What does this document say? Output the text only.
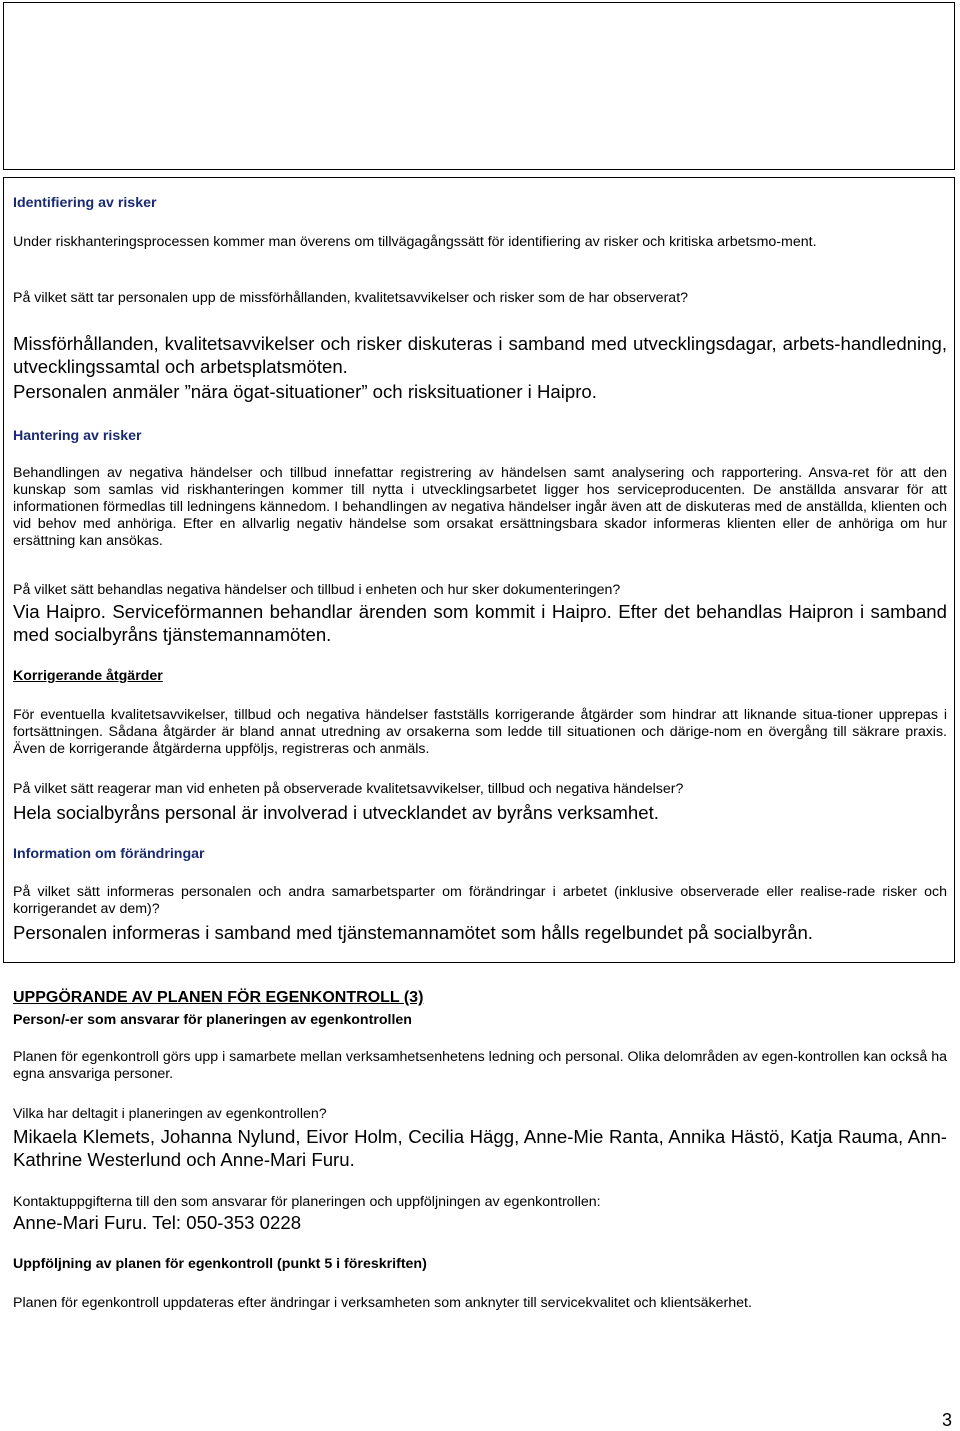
Identifiering av risker

Under riskhanteringsprocessen kommer man överens om tillvägagångssätt för identifiering av risker och kritiska arbetsmo-ment.

På vilket sätt tar personalen upp de missförhållanden, kvalitetsavvikelser och risker som de har observerat?

Missförhållanden, kvalitetsavvikelser och risker diskuteras i samband med utvecklingsdagar, arbets-handledning, utvecklingssamtal och arbetsplatsmöten.

Personalen anmäler ”nära ögat-situationer” och risksituationer i Haipro.

Hantering av risker

Behandlingen av negativa händelser och tillbud innefattar registrering av händelsen samt analysering och rapportering. Ansva-ret för att den kunskap som samlas vid riskhanteringen kommer till nytta i utvecklingsarbetet ligger hos serviceproducenten. De anställda ansvarar för att informationen förmedlas till ledningens kännedom. I behandlingen av negativa händelser ingår även att de diskuteras med de anställda, klienten och vid behov med anhöriga. Efter en allvarlig negativ händelse som orsakat ersättningsbara skador informeras klienten eller de anhöriga om hur ersättning kan ansökas.

På vilket sätt behandlas negativa händelser och tillbud i enheten och hur sker dokumenteringen?

Via Haipro. Serviceförmannen behandlar ärenden som kommit i Haipro. Efter det behandlas Haipron i samband med socialbyråns tjänstemannamöten.

Korrigerande åtgärder

För eventuella kvalitetsavvikelser, tillbud och negativa händelser fastställs korrigerande åtgärder som hindrar att liknande situa-tioner upprepas i fortsättningen. Sådana åtgärder är bland annat utredning av orsakerna som ledde till situationen och därige-nom en övergång till säkrare praxis. Även de korrigerande åtgärderna uppföljs, registreras och anmäls.

På vilket sätt reagerar man vid enheten på observerade kvalitetsavvikelser, tillbud och negativa händelser?

Hela socialbyråns personal är involverad i utvecklandet av byråns verksamhet.

Information om förändringar

På vilket sätt informeras personalen och andra samarbetsparter om förändringar i arbetet (inklusive observerade eller realise-rade risker och korrigerandet av dem)?

Personalen informeras i samband med tjänstemannamötet som hålls regelbundet på socialbyrån.

UPPGÖRANDE AV PLANEN FÖR EGENKONTROLL (3)

Person/-er som ansvarar för planeringen av egenkontrollen

Planen för egenkontroll görs upp i samarbete mellan verksamhetsenhetens ledning och personal. Olika delområden av egen-kontrollen kan också ha egna ansvariga personer.

Vilka har deltagit i planeringen av egenkontrollen?

Mikaela Klemets, Johanna Nylund, Eivor Holm, Cecilia Hägg, Anne-Mie Ranta, Annika Hästö, Katja Rauma, Ann-Kathrine Westerlund och Anne-Mari Furu.

Kontaktuppgifterna till den som ansvarar för planeringen och uppföljningen av egenkontrollen:

Anne-Mari Furu. Tel: 050-353 0228

Uppföljning av planen för egenkontroll (punkt 5 i föreskriften)

Planen för egenkontroll uppdateras efter ändringar i verksamheten som anknyter till servicekvalitet och klientsäkerhet.

3
